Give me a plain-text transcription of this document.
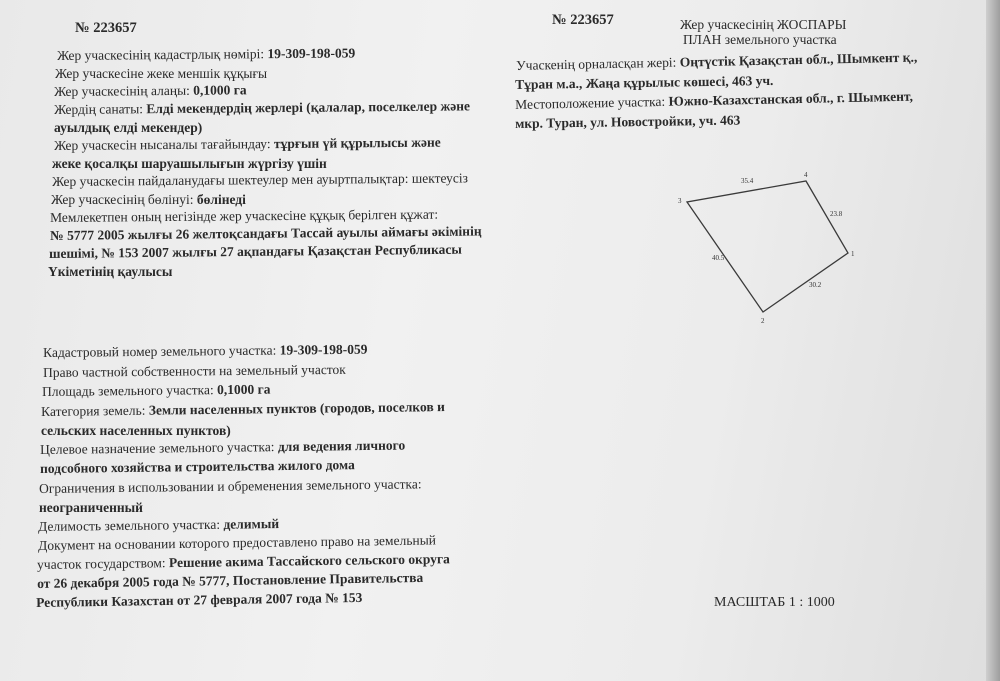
№ 223657
Жер учаскесінің кадастрлық нөмірі: 19-309-198-059
Жер учаскесіне жеке меншік құқығы
Жер учаскесінің алаңы: 0,1000 га
Жердің санаты: Елді мекендердің жерлері (қалалар, поселкелер және
ауылдық елді мекендер)
Жер учаскесін нысаналы тағайындау: тұрғын үй құрылысы және
жеке қосалқы шаруашылығын жүргізу үшін
Жер учаскесін пайдаланудағы шектеулер мен ауыртпалықтар: шектеусіз
Жер учаскесінің бөлінуі: бөлінеді
Мемлекетпен оның негізінде жер учаскесіне құқық берілген құжат:
№ 5777 2005 жылғы 26 желтоқсандағы Тассай ауылы аймағы әкімінің
шешімі, № 153 2007 жылғы 27 ақпандағы Қазақстан Республикасы
Үкіметінің қаулысы
Кадастровый номер земельного участка: 19-309-198-059
Право частной собственности на земельный участок
Площадь земельного участка: 0,1000 га
Категория земель: Земли населенных пунктов (городов, поселков и
сельских населенных пунктов)
Целевое назначение земельного участка: для ведения личного
подсобного хозяйства и строительства жилого дома
Ограничения в использовании и обременения земельного участка:
неограниченный
Делимость земельного участка: делимый
Документ на основании которого предоставлено право на земельный
участок государством: Решение акима Тассайского сельского округа
от 26 декабря 2005 года № 5777, Постановление Правительства
Республики Казахстан от 27 февраля 2007 года № 153
№ 223657	Жер учаскесінің ЖОСПАРЫ
ПЛАН земельного участка
Учаскенің орналасқан жері: Оңтүстік Қазақстан обл., Шымкент қ.,
Тұран м.а., Жаңа құрылыс көшесі, 463 уч.
Местоположение участка: Южно-Казахстанская обл., г. Шымкент,
мкр. Туран, ул. Новостройки, уч. 463
1
2
3
4
35.4
23.8
30.2
40.5
МАСШТАБ 1 : 1000
